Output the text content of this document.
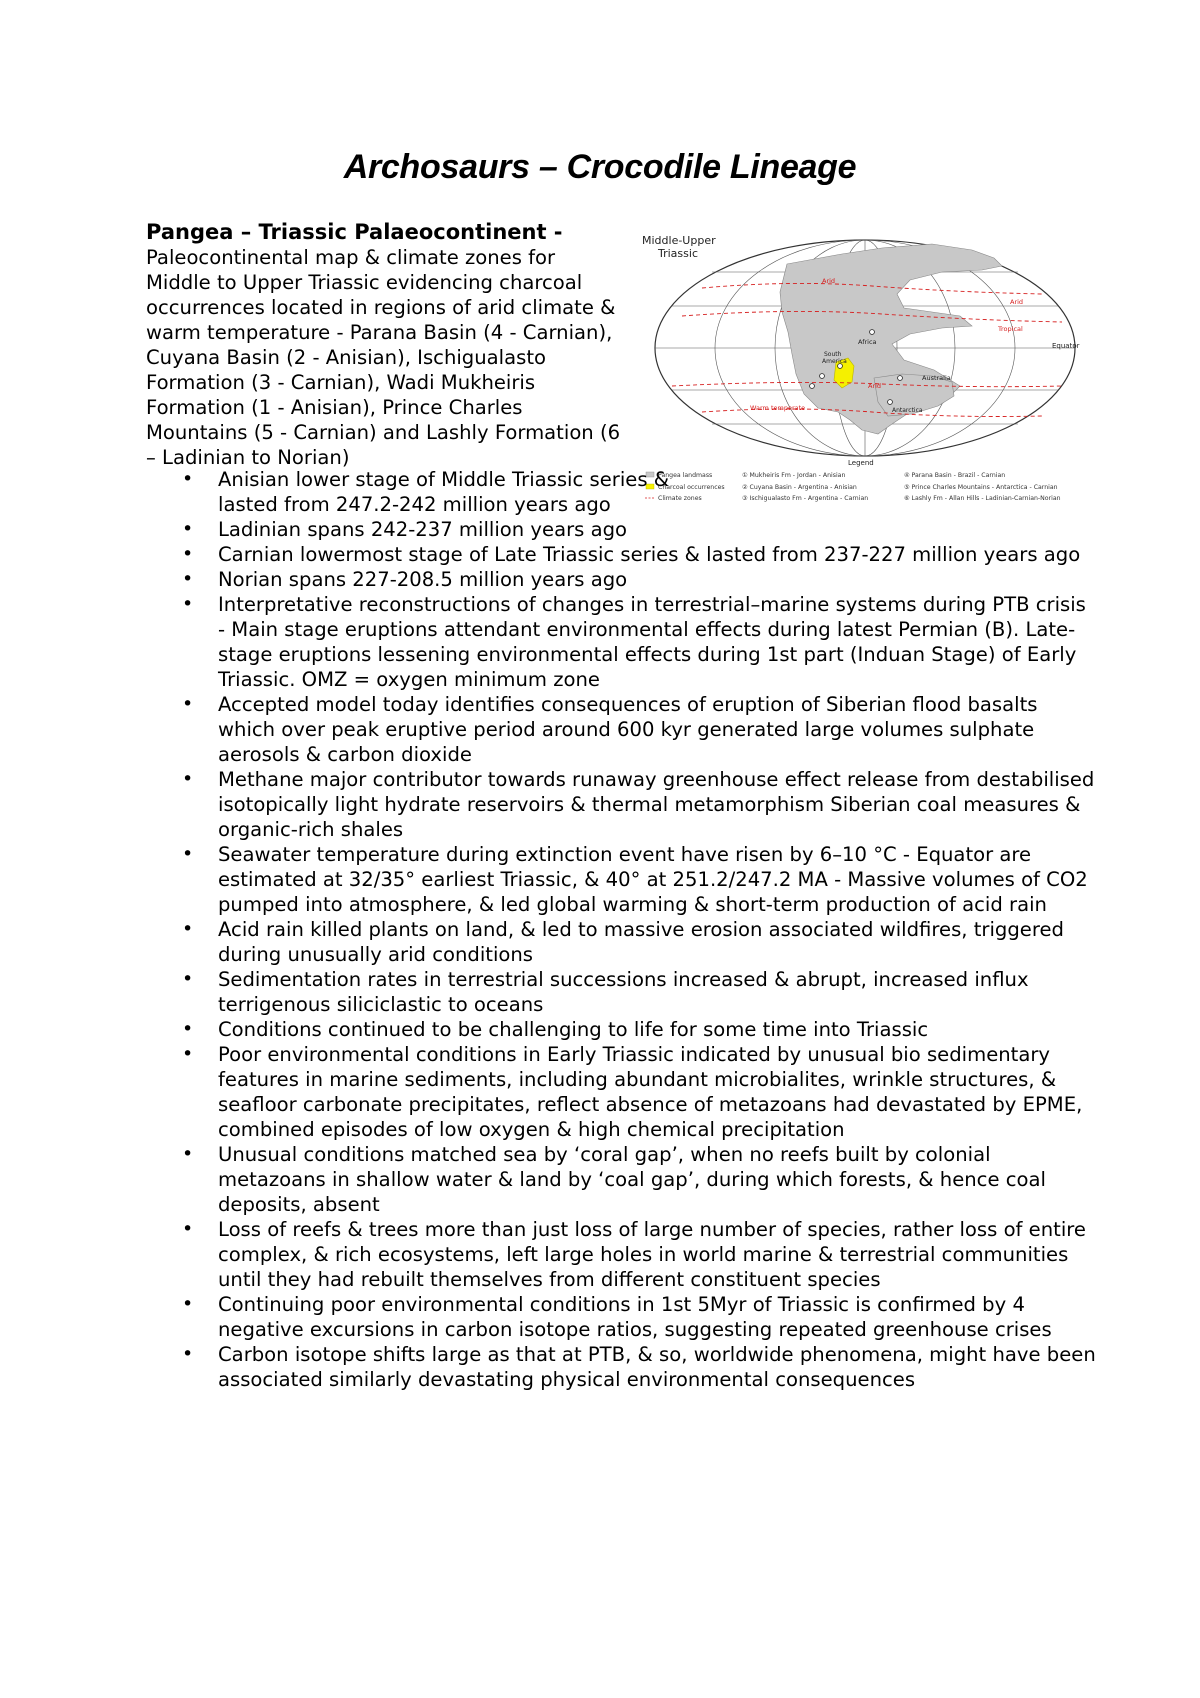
Archosaurs – Crocodile Lineage
Pangea – Triassic Palaeocontinent -
Paleocontinental map & climate zones for Middle to Upper Triassic evidencing charcoal occurrences located in regions of arid climate & warm temperature - Parana Basin (4 - Carnian), Cuyana Basin (2 - Anisian), Ischigualasto Formation (3 - Carnian), Wadi Mukheiris Formation (1 - Anisian), Prince Charles Mountains (5 - Carnian) and Lashly Formation (6 – Ladinian to Norian)
Middle-Upper
Triassic
Arid
Arid
Tropical
Equator
Africa
South
America
Australia
Antarctica
Arid
Warm temperate
Legend
Pangea landmass
Charcoal occurrences
Climate zones
① Mukheiris Fm - Jordan - Anisian
② Cuyana Basin - Argentina - Anisian
③ Ischigualasto Fm - Argentina - Carnian
④ Parana Basin - Brazil - Carnian
⑤ Prince Charles Mountains - Antarctica - Carnian
⑥ Lashly Fm - Allan Hills - Ladinian-Carnian-Norian
• Anisian lower stage of Middle Triassic series & lasted from 247.2-242 million years ago
• Ladinian spans 242-237 million years ago
• Carnian lowermost stage of Late Triassic series & lasted from 237-227 million years ago
• Norian spans 227-208.5 million years ago
• Interpretative reconstructions of changes in terrestrial–marine systems during PTB crisis - Main stage eruptions attendant environmental effects during latest Permian (B). Late-stage eruptions lessening environmental effects during 1st part (Induan Stage) of Early Triassic. OMZ = oxygen minimum zone
• Accepted model today identifies consequences of eruption of Siberian flood basalts which over peak eruptive period around 600 kyr generated large volumes sulphate aerosols & carbon dioxide
• Methane major contributor towards runaway greenhouse effect release from destabilised isotopically light hydrate reservoirs & thermal metamorphism Siberian coal measures & organic-rich shales
• Seawater temperature during extinction event have risen by 6–10 °C - Equator are estimated at 32/35° earliest Triassic, & 40° at 251.2/247.2 MA - Massive volumes of CO2 pumped into atmosphere, & led global warming & short-term production of acid rain
• Acid rain killed plants on land, & led to massive erosion associated wildfires, triggered during unusually arid conditions
• Sedimentation rates in terrestrial successions increased & abrupt, increased influx terrigenous siliciclastic to oceans
• Conditions continued to be challenging to life for some time into Triassic
• Poor environmental conditions in Early Triassic indicated by unusual bio sedimentary features in marine sediments, including abundant microbialites, wrinkle structures, & seafloor carbonate precipitates, reflect absence of metazoans had devastated by EPME, combined episodes of low oxygen & high chemical precipitation
• Unusual conditions matched sea by ‘coral gap’, when no reefs built by colonial metazoans in shallow water & land by ‘coal gap’, during which forests, & hence coal deposits, absent
• Loss of reefs & trees more than just loss of large number of species, rather loss of entire complex, & rich ecosystems, left large holes in world marine & terrestrial communities until they had rebuilt themselves from different constituent species
• Continuing poor environmental conditions in 1st 5Myr of Triassic is confirmed by 4 negative excursions in carbon isotope ratios, suggesting repeated greenhouse crises
• Carbon isotope shifts large as that at PTB, & so, worldwide phenomena, might have been associated similarly devastating physical environmental consequences
